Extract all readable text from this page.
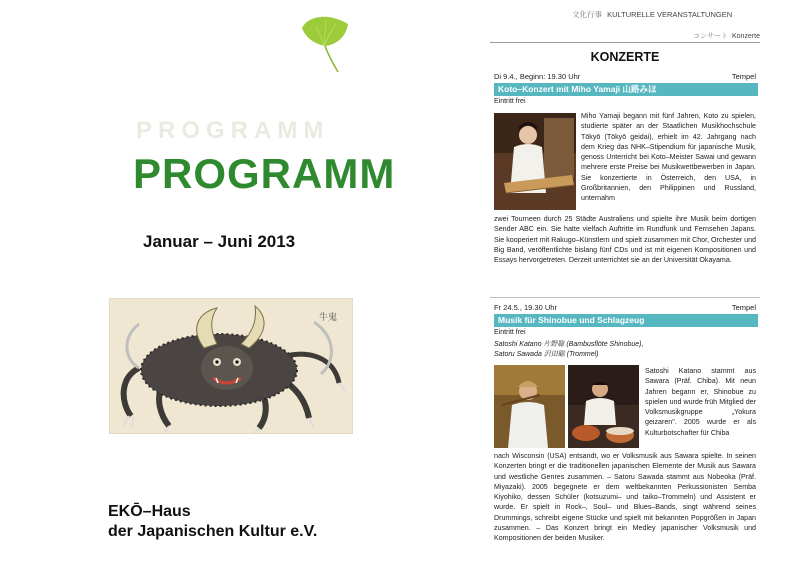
PROGRAMM
PROGRAMM
Januar – Juni 2013
牛鬼
EKŌ–Haus
der Japanischen Kultur e.V.
文化行事 KULTURELLE VERANSTALTUNGEN
コンサート Konzerte
KONZERTE
Di 9.4., Beginn: 19.30 Uhr	Tempel
Koto–Konzert mit Miho Yamaji 山路みほ
Eintritt frei
Miho Yamaji begann mit fünf Jahren, Koto zu spielen, studierte später an der Staatlichen Musikhochschule Tōkyō (Tōkyō geidai), erhielt im 42. Jahrgang nach dem Krieg das NHK–Stipendium für japanische Musik, genoss Unterricht bei Koto–Meister Sawai und gewann mehrere erste Preise bei Musikwettbewerben in Japan. Sie konzertierte in Österreich, den USA, in Großbritannien, den Philippinen und Russland, unternahm
zwei Tourneen durch 25 Städte Australiens und spielte ihre Musik beim dortigen Sender ABC ein. Sie hatte vielfach Auftritte im Rundfunk und Fernsehen Japans. Sie kooperiert mit Rakugo–Künstlern und spielt zusammen mit Chor, Orchester und Big Band, veröffentlichte bislang fünf CDs und ist mit eigenen Kompositionen und Essays hervorgetreten. Derzeit unterrichtet sie an der Universität Okayama.
Fr 24.5., 19.30 Uhr	Tempel
Musik für Shinobue und Schlagzeug
Eintritt frei
Satoshi Katano 片野聡 (Bambusflöte Shinobue),
Satoru Sawada 沢田聡 (Trommel)
Satoshi Katano stammt aus Sawara (Präf. Chiba). Mit neun Jahren begann er, Shinobue zu spielen und wurde früh Mitglied der Volksmusikgruppe „Yokura geizaren". 2005 wurde er als Kulturbotschafter für Chiba
nach Wisconsin (USA) entsandt, wo er Volksmusik aus Sawara spielte. In seinen Konzerten bringt er die traditionellen japanischen Elemente der Musik aus Sawara und westliche Genres zusammen. – Satoru Sawada stammt aus Nobeoka (Präf. Miyazaki). 2005 begegnete er dem weltbekannten Perkussionisten Semba Kiyohiko, dessen Schüler (kotsuzumi– und taiko–Trommeln) und Assistent er wurde. Er spielt in Rock–, Soul– und Blues–Bands, singt während seines Drummings, schreibt eigene Stücke und spielt mit bekannten Popgrößen in Japan zusammen. – Das Konzert bringt ein Medley japanischer Volksmusik und Kompositionen der beiden Musiker.
